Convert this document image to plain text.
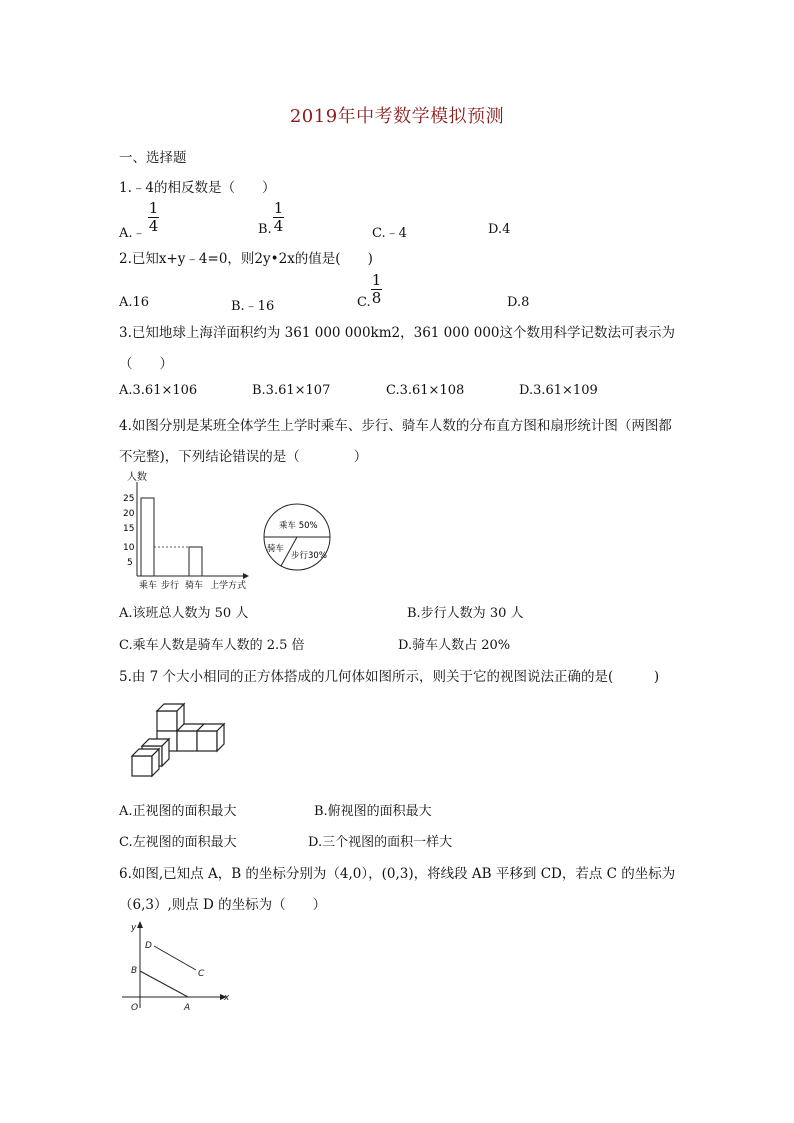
2019年中考数学模拟预测
一、选择题
1.﹣4的相反数是（　　）
A.﹣
1
4	B.
1
4	C.﹣4	D.4
2.已知x+y﹣4=0，则2y•2x的值是(　　)
A.16	B.﹣16	C.
1
8	D.8
3.已知地球上海洋面积约为 361 000 000km2，361 000 000这个数用科学记数法可表示为
（　　）
A.3.61×106	B.3.61×107	C.3.61×108	D.3.61×109
4.如图分别是某班全体学生上学时乘车、步行、骑车人数的分布直方图和扇形统计图（两图都
不完整)，下列结论错误的是（　　　　）
人数
25
20
15
10
5
乘车 步行 骑车 上学方式
乘车 50%
骑车
步行30%
A.该班总人数为 50 人	B.步行人数为 30 人
C.乘车人数是骑车人数的 2.5 倍	D.骑车人数占 20%
5.由 7 个大小相同的正方体搭成的几何体如图所示，则关于它的视图说法正确的是(　　　)
A.正视图的面积最大	B.俯视图的面积最大
C.左视图的面积最大	D.三个视图的面积一样大
6.如图,已知点 A，B 的坐标分别为（4,0），(0,3)，将线段 AB 平移到 CD，若点 C 的坐标为
（6,3）,则点 D 的坐标为（　　）
y
x
D
C
B
O	A
